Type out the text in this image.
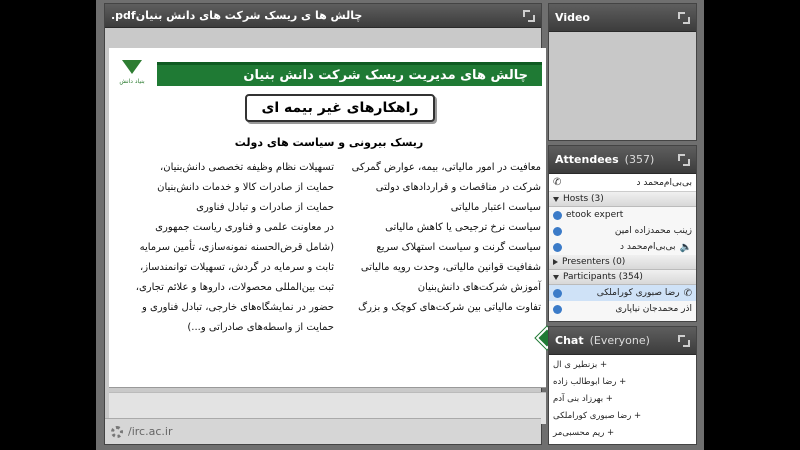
.pdfچالش ها ی ریسک شرکت های دانش بنیان
بنیاد دانش	چالش های مدیریت ریسک شرکت دانش بنیان
راهکارهای غیر بیمه ای
ریسک بیرونی و سیاست های دولت
معافیت در امور مالیاتی، بیمه، عوارض گمرکی
شرکت در مناقصات و قراردادهای دولتی
سیاست اعتبار مالیاتی
سیاست نرخ ترجیحی یا کاهش مالیاتی
سیاست گرنت و سیاست استهلاک سریع
شفافیت قوانین مالیاتی، وحدت رویه مالیاتی
آموزش شرکت‌های دانش‌بنیان
تفاوت مالیاتی بین شرکت‌های کوچک و بزرگ
تسهیلات نظام وظیفه تخصصی دانش‌بنیان،
حمایت از صادرات کالا و خدمات دانش‌بنیان
حمایت از صادرات و تبادل فناوری
در معاونت علمی و فناوری ریاست جمهوری
(شامل قرض‌الحسنه نمونه‌سازی، تأمین سرمایه
ثابت و سرمایه در گردش، تسهیلات توانمندساز،
ثبت بین‌المللی محصولات، داروها و علائم تجاری،
حضور در نمایشگاه‌های خارجی، تبادل فناوری و
حمایت از واسطه‌های صادراتی و...)
/irc.ac.ir
Video
Attendees (357)
بی‌بی‌ام‌محمد د
✆
Hosts (3)
etook expert
زینب محمدزاده امین
🔈
بی‌بی‌ام‌محمد د
Presenters (0)
Participants (354)
✆
رضا صبوری کوراملکی
آذر محمدجان نیاپاری
Chat (Everyone)
+ بزنطیر ی ال
+ رضا ابوطالب زاده
+ بهرزاد بنی آدم
+ رضا صبوری کوراملکی
+ ریم محسبی‌مر
